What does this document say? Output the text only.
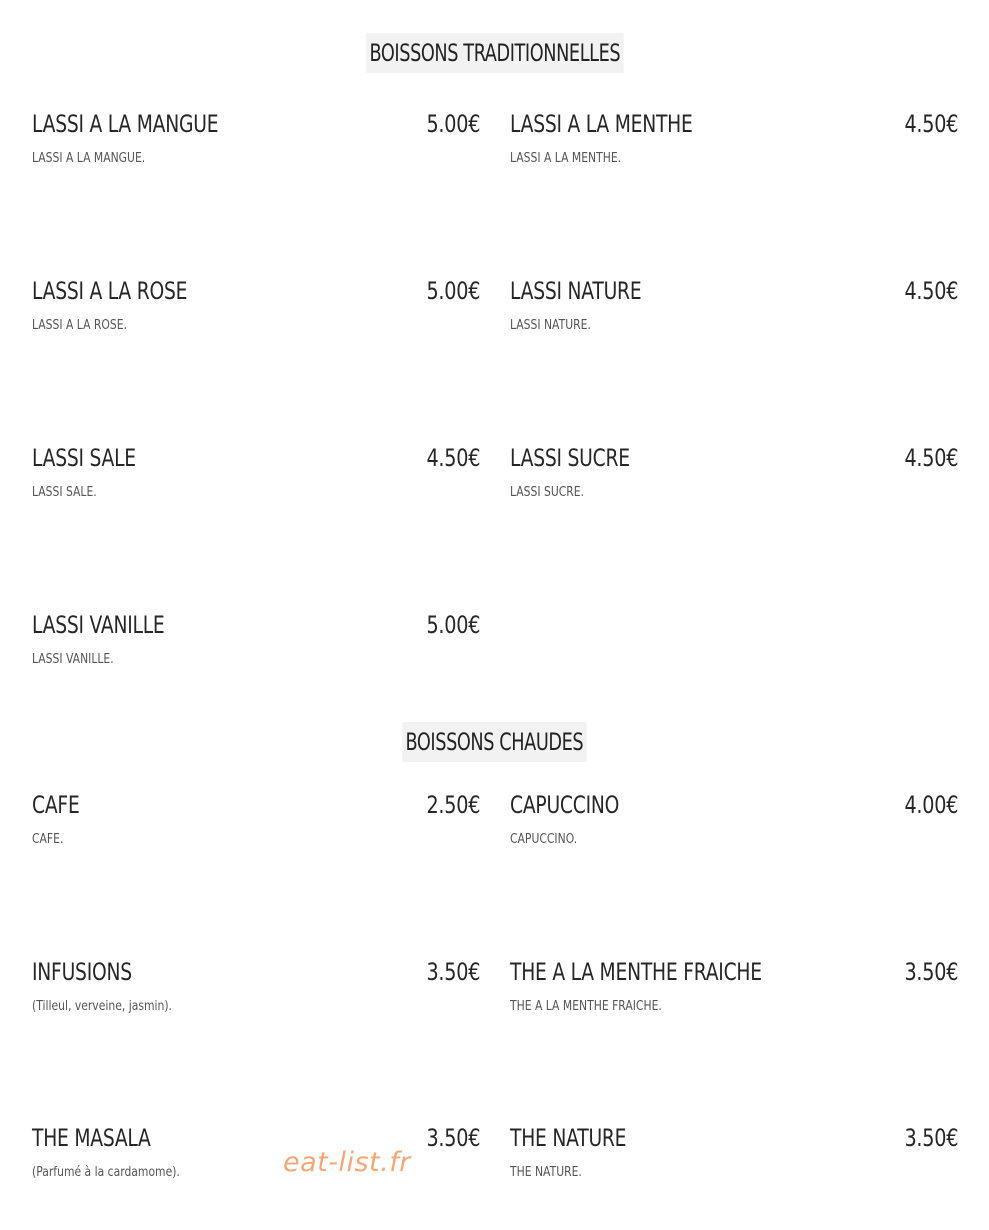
BOISSONS TRADITIONNELLES
LASSI A LA MANGUE	5.00€
LASSI A LA MANGUE.
LASSI A LA MENTHE	4.50€
LASSI A LA MENTHE.
LASSI A LA ROSE	5.00€
LASSI A LA ROSE.
LASSI NATURE	4.50€
LASSI NATURE.
LASSI SALE	4.50€
LASSI SALE.
LASSI SUCRE	4.50€
LASSI SUCRE.
LASSI VANILLE	5.00€
LASSI VANILLE.
BOISSONS CHAUDES
CAFE	2.50€
CAFE.
CAPUCCINO	4.00€
CAPUCCINO.
INFUSIONS	3.50€
(Tilleul, verveine, jasmin).
THE A LA MENTHE FRAICHE	3.50€
THE A LA MENTHE FRAICHE.
THE MASALA	3.50€
(Parfumé à la cardamome).
THE NATURE	3.50€
THE NATURE.
eat-list.fr
